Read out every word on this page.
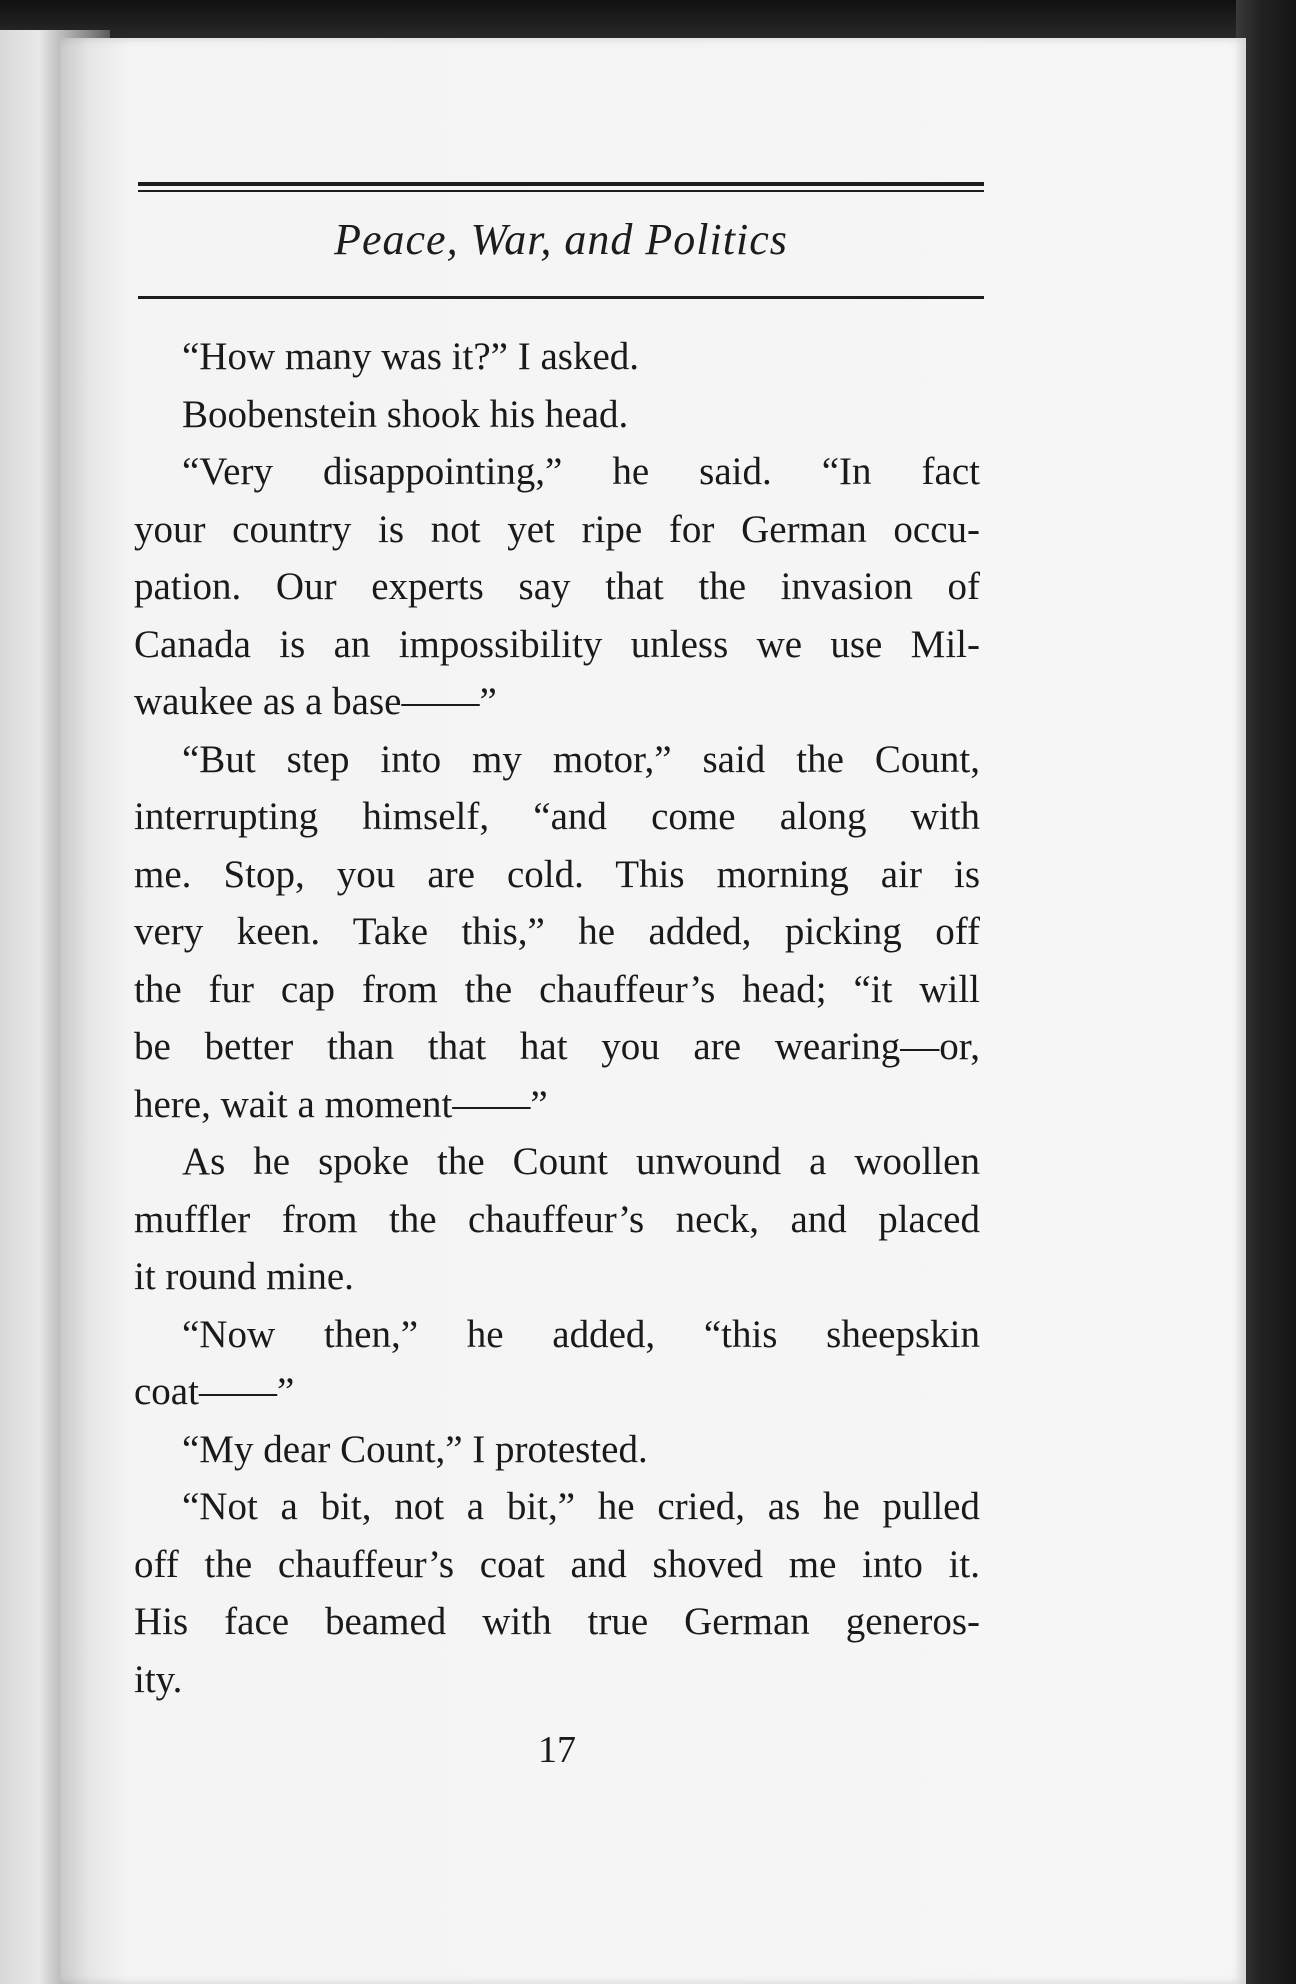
Peace, War, and Politics
“How many was it?” I asked.
Boobenstein shook his head.
“Very disappointing,” he said. “In fact
your country is not yet ripe for German occu-
pation. Our experts say that the invasion of
Canada is an impossibility unless we use Mil-
waukee as a base——”
“But step into my motor,” said the Count,
interrupting himself, “and come along with
me. Stop, you are cold. This morning air is
very keen. Take this,” he added, picking off
the fur cap from the chauffeur’s head; “it will
be better than that hat you are wearing—or,
here, wait a moment——”
As he spoke the Count unwound a woollen
muffler from the chauffeur’s neck, and placed
it round mine.
“Now then,” he added, “this sheepskin
coat——”
“My dear Count,” I protested.
“Not a bit, not a bit,” he cried, as he pulled
off the chauffeur’s coat and shoved me into it.
His face beamed with true German generos-
ity.
17
